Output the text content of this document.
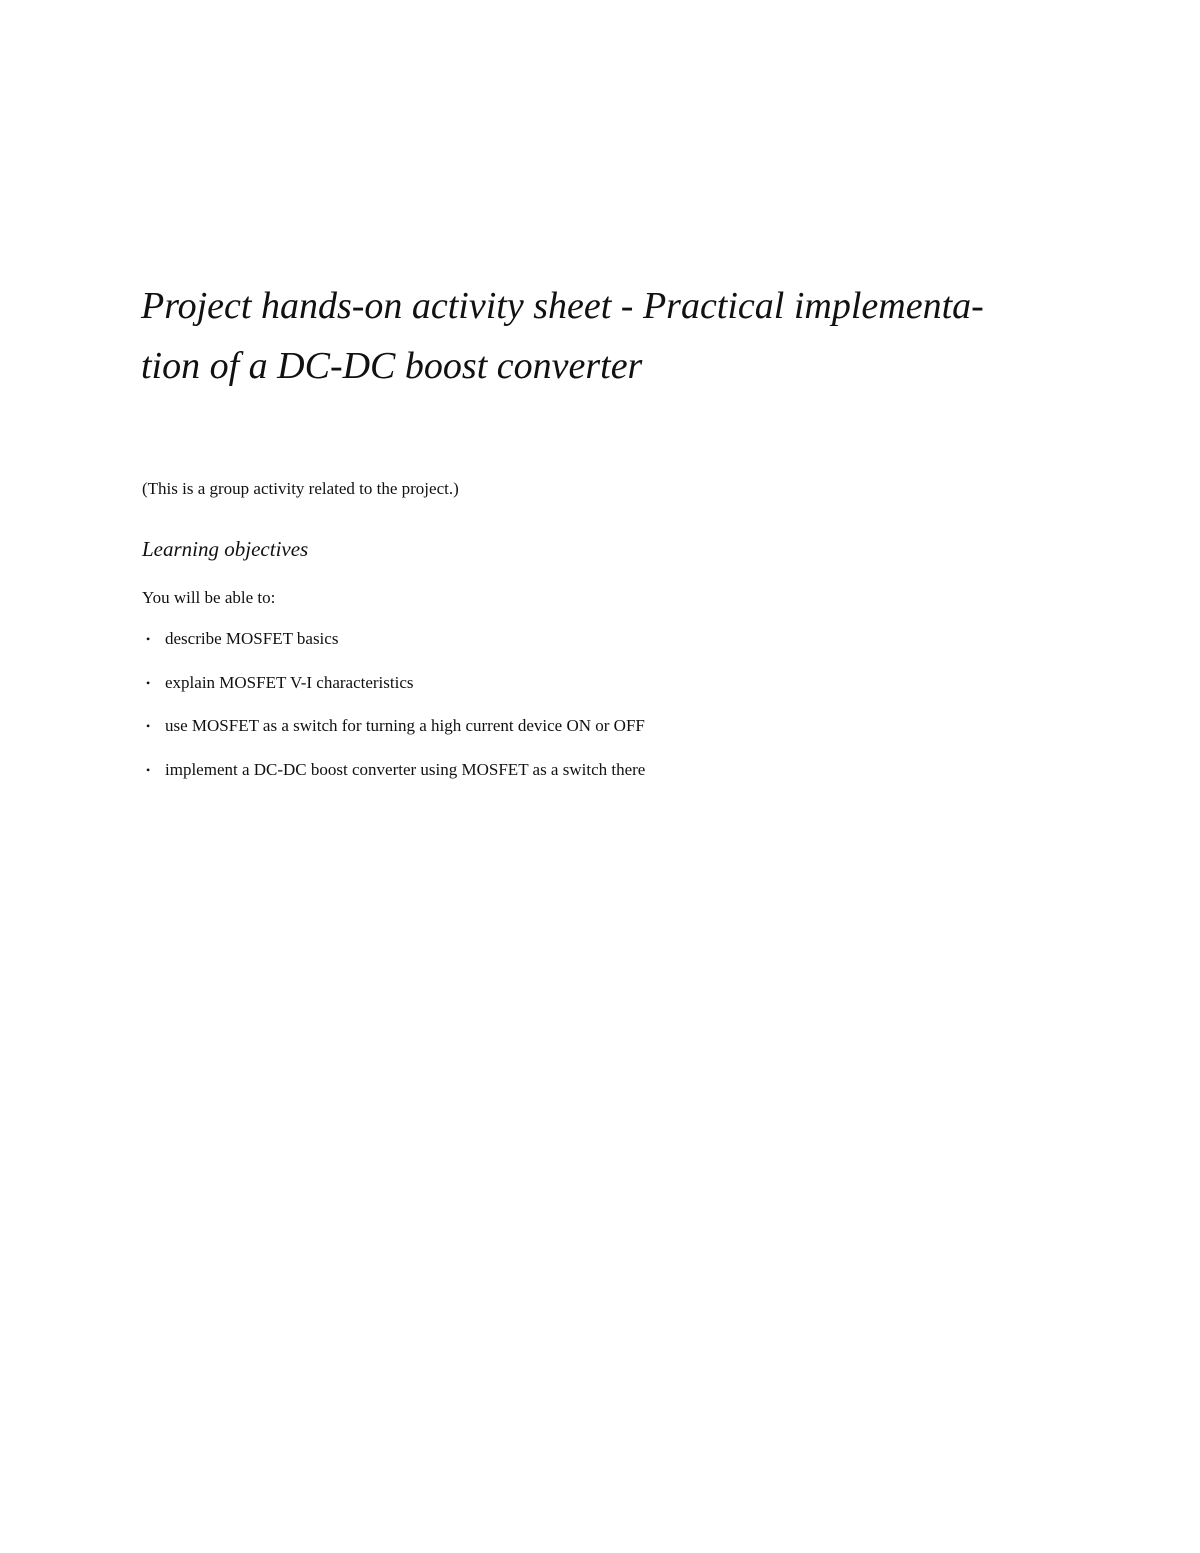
Project hands-on activity sheet - Practical implementa-
tion of a DC-DC boost converter

(This is a group activity related to the project.)

Learning objectives

You will be able to:

• describe MOSFET basics
• explain MOSFET V-I characteristics
• use MOSFET as a switch for turning a high current device ON or OFF
• implement a DC-DC boost converter using MOSFET as a switch there
